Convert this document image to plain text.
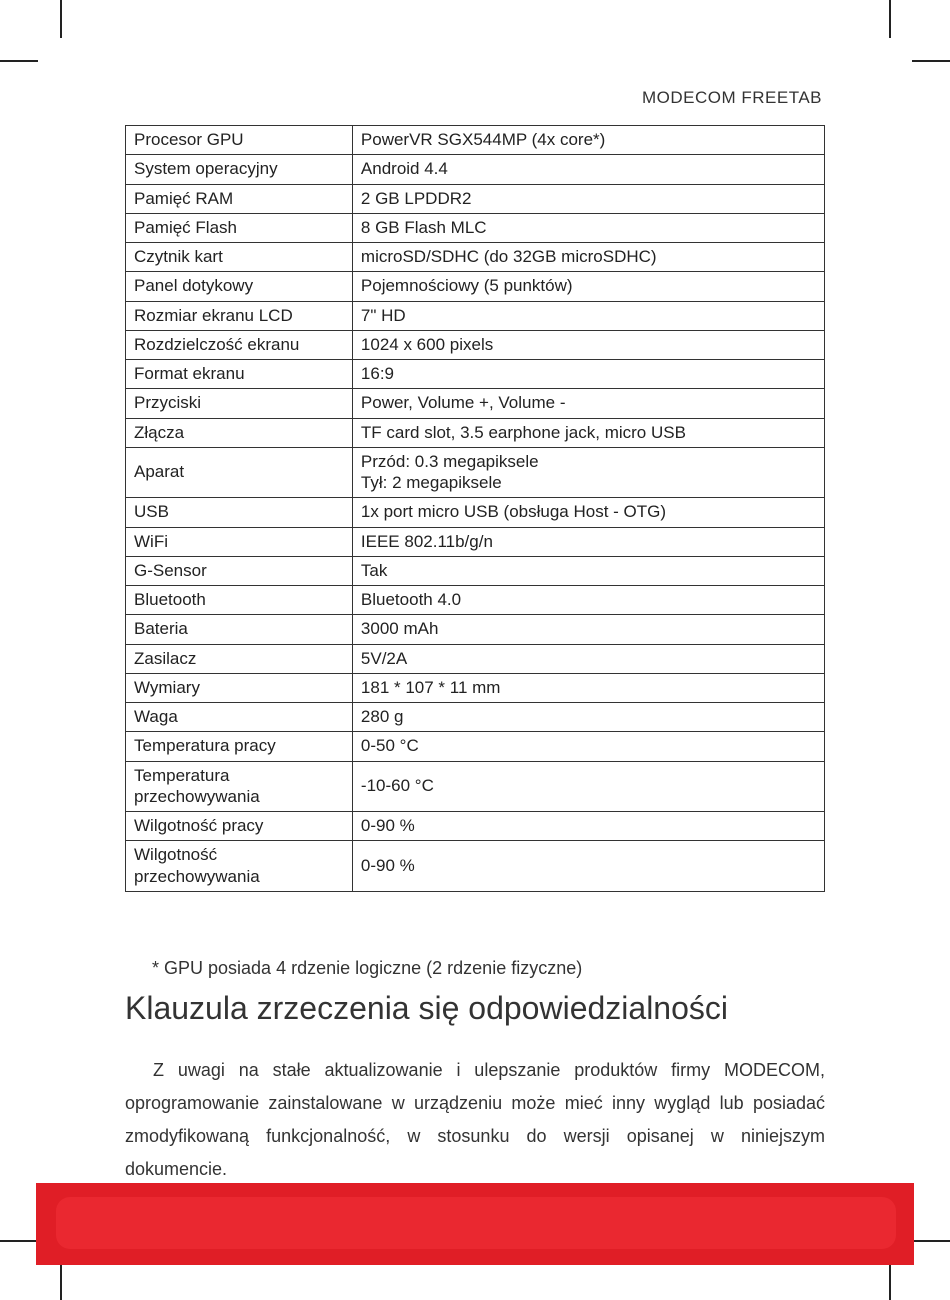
MODECOM FREETAB
Procesor GPU	PowerVR SGX544MP (4x core*)
System operacyjny	Android 4.4
Pamięć RAM	2 GB LPDDR2
Pamięć Flash	8 GB Flash MLC
Czytnik kart	microSD/SDHC (do 32GB microSDHC)
Panel dotykowy	Pojemnościowy (5 punktów)
Rozmiar ekranu LCD	7" HD
Rozdzielczość ekranu	1024 x 600 pixels
Format ekranu	16:9
Przyciski	Power, Volume +, Volume -
Złącza	TF card slot, 3.5 earphone jack, micro USB
Aparat	Przód: 0.3 megapiksele
Tył: 2 megapiksele
USB	1x port micro USB (obsługa Host - OTG)
WiFi	IEEE 802.11b/g/n
G-Sensor	Tak
Bluetooth	Bluetooth 4.0
Bateria	3000 mAh
Zasilacz	5V/2A
Wymiary	181 * 107 * 11 mm
Waga	280 g
Temperatura pracy	0-50 °C
Temperatura przechowywania	-10-60 °C
Wilgotność pracy	0-90 %
Wilgotność przechowywania	0-90 %
* GPU posiada 4 rdzenie logiczne (2 rdzenie fizyczne)
Klauzula zrzeczenia się odpowiedzialności

Z uwagi na stałe aktualizowanie i ulepszanie produktów firmy MODECOM, oprogramowanie zainstalowane w urządzeniu może mieć inny wygląd lub posiadać zmodyfikowaną funkcjonalność, w stosunku do wersji opisanej w niniejszym dokumencie.
